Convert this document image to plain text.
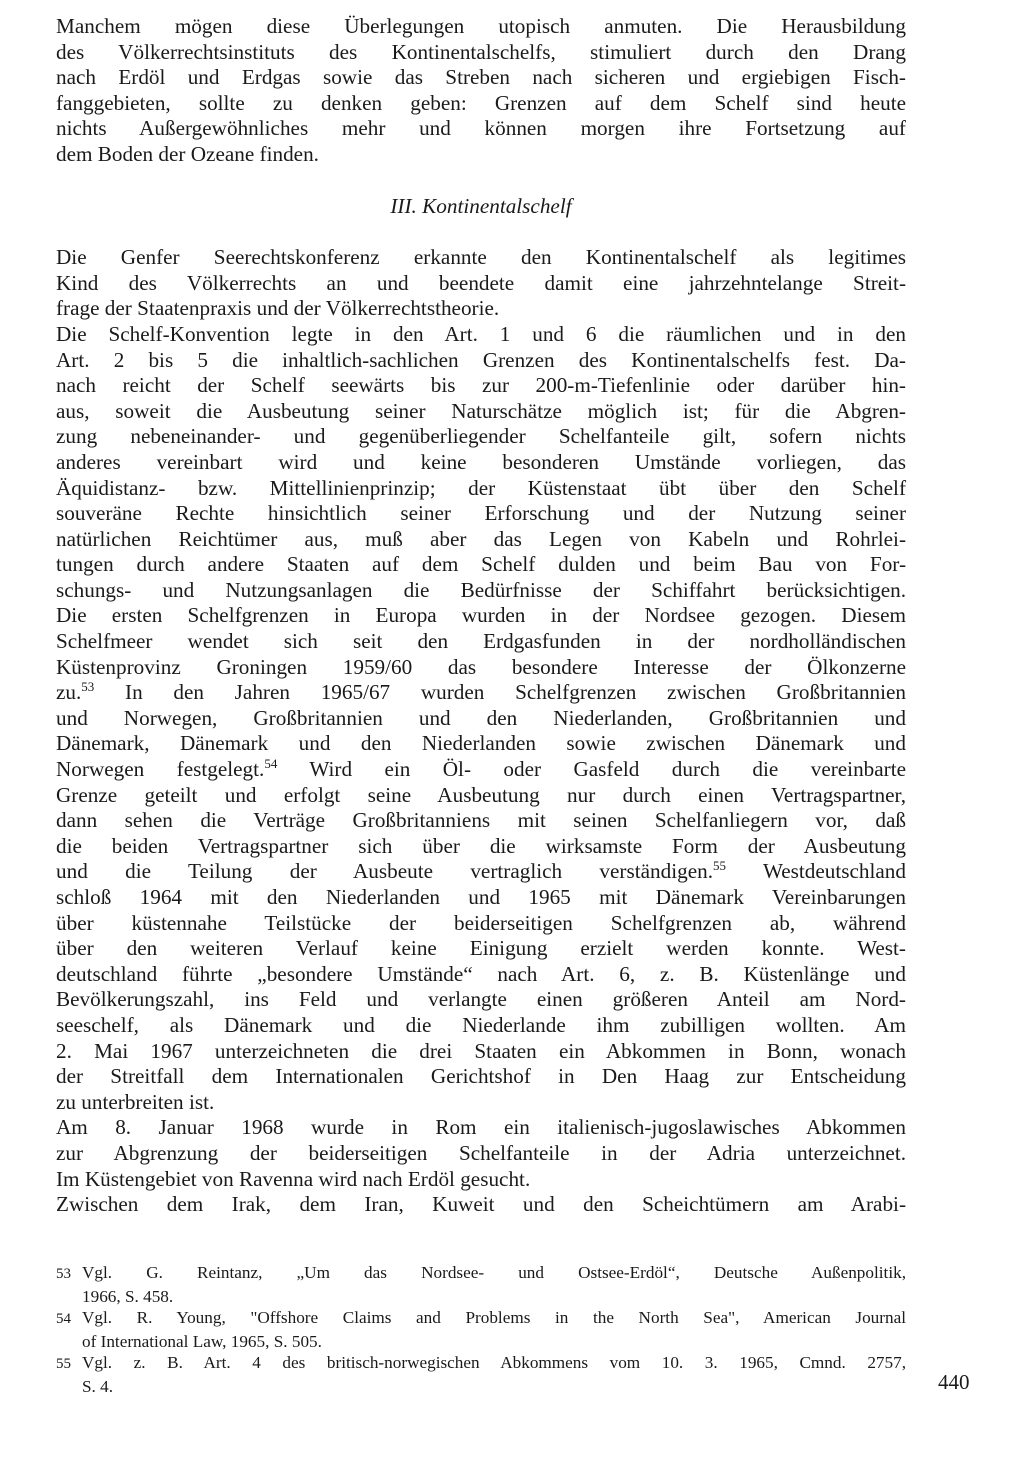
Manchem mögen diese Überlegungen utopisch anmuten. Die Herausbildung
des Völkerrechtsinstituts des Kontinentalschelfs, stimuliert durch den Drang
nach Erdöl und Erdgas sowie das Streben nach sicheren und ergiebigen Fisch-
fanggebieten, sollte zu denken geben: Grenzen auf dem Schelf sind heute
nichts Außergewöhnliches mehr und können morgen ihre Fortsetzung auf
dem Boden der Ozeane finden.
III. Kontinentalschelf
Die Genfer Seerechtskonferenz erkannte den Kontinentalschelf als legitimes
Kind des Völkerrechts an und beendete damit eine jahrzehntelange Streit-
frage der Staatenpraxis und der Völkerrechtstheorie.
Die Schelf-Konvention legte in den Art. 1 und 6 die räumlichen und in den
Art. 2 bis 5 die inhaltlich-sachlichen Grenzen des Kontinentalschelfs fest. Da-
nach reicht der Schelf seewärts bis zur 200-m-Tiefenlinie oder darüber hin-
aus, soweit die Ausbeutung seiner Naturschätze möglich ist; für die Abgren-
zung nebeneinander- und gegenüberliegender Schelfanteile gilt, sofern nichts
anderes vereinbart wird und keine besonderen Umstände vorliegen, das
Äquidistanz- bzw. Mittellinienprinzip; der Küstenstaat übt über den Schelf
souveräne Rechte hinsichtlich seiner Erforschung und der Nutzung seiner
natürlichen Reichtümer aus, muß aber das Legen von Kabeln und Rohrlei-
tungen durch andere Staaten auf dem Schelf dulden und beim Bau von For-
schungs- und Nutzungsanlagen die Bedürfnisse der Schiffahrt berücksichtigen.
Die ersten Schelfgrenzen in Europa wurden in der Nordsee gezogen. Diesem
Schelfmeer wendet sich seit den Erdgasfunden in der nordholländischen
Küstenprovinz Groningen 1959/60 das besondere Interesse der Ölkonzerne
zu.$^{53}$ In den Jahren 1965/67 wurden Schelfgrenzen zwischen Großbritannien
und Norwegen, Großbritannien und den Niederlanden, Großbritannien und
Dänemark, Dänemark und den Niederlanden sowie zwischen Dänemark und
Norwegen festgelegt.$^{54}$ Wird ein Öl- oder Gasfeld durch die vereinbarte
Grenze geteilt und erfolgt seine Ausbeutung nur durch einen Vertragspartner,
dann sehen die Verträge Großbritanniens mit seinen Schelfanliegern vor, daß
die beiden Vertragspartner sich über die wirksamste Form der Ausbeutung
und die Teilung der Ausbeute vertraglich verständigen.$^{55}$ Westdeutschland
schloß 1964 mit den Niederlanden und 1965 mit Dänemark Vereinbarungen
über küstennahe Teilstücke der beiderseitigen Schelfgrenzen ab, während
über den weiteren Verlauf keine Einigung erzielt werden konnte. West-
deutschland führte „besondere Umstände“ nach Art. 6, z. B. Küstenlänge und
Bevölkerungszahl, ins Feld und verlangte einen größeren Anteil am Nord-
seeschelf, als Dänemark und die Niederlande ihm zubilligen wollten. Am
2. Mai 1967 unterzeichneten die drei Staaten ein Abkommen in Bonn, wonach
der Streitfall dem Internationalen Gerichtshof in Den Haag zur Entscheidung
zu unterbreiten ist.
Am 8. Januar 1968 wurde in Rom ein italienisch-jugoslawisches Abkommen
zur Abgrenzung der beiderseitigen Schelfanteile in der Adria unterzeichnet.
Im Küstengebiet von Ravenna wird nach Erdöl gesucht.
Zwischen dem Irak, dem Iran, Kuweit und den Scheichtümern am Arabi-
53 Vgl. G. Reintanz, „Um das Nordsee- und Ostsee-Erdöl“, Deutsche Außenpolitik,
1966, S. 458.
54 Vgl. R. Young, "Offshore Claims and Problems in the North Sea", American Journal
of International Law, 1965, S. 505.
55 Vgl. z. B. Art. 4 des britisch-norwegischen Abkommens vom 10. 3. 1965, Cmnd. 2757,
S. 4.	440
